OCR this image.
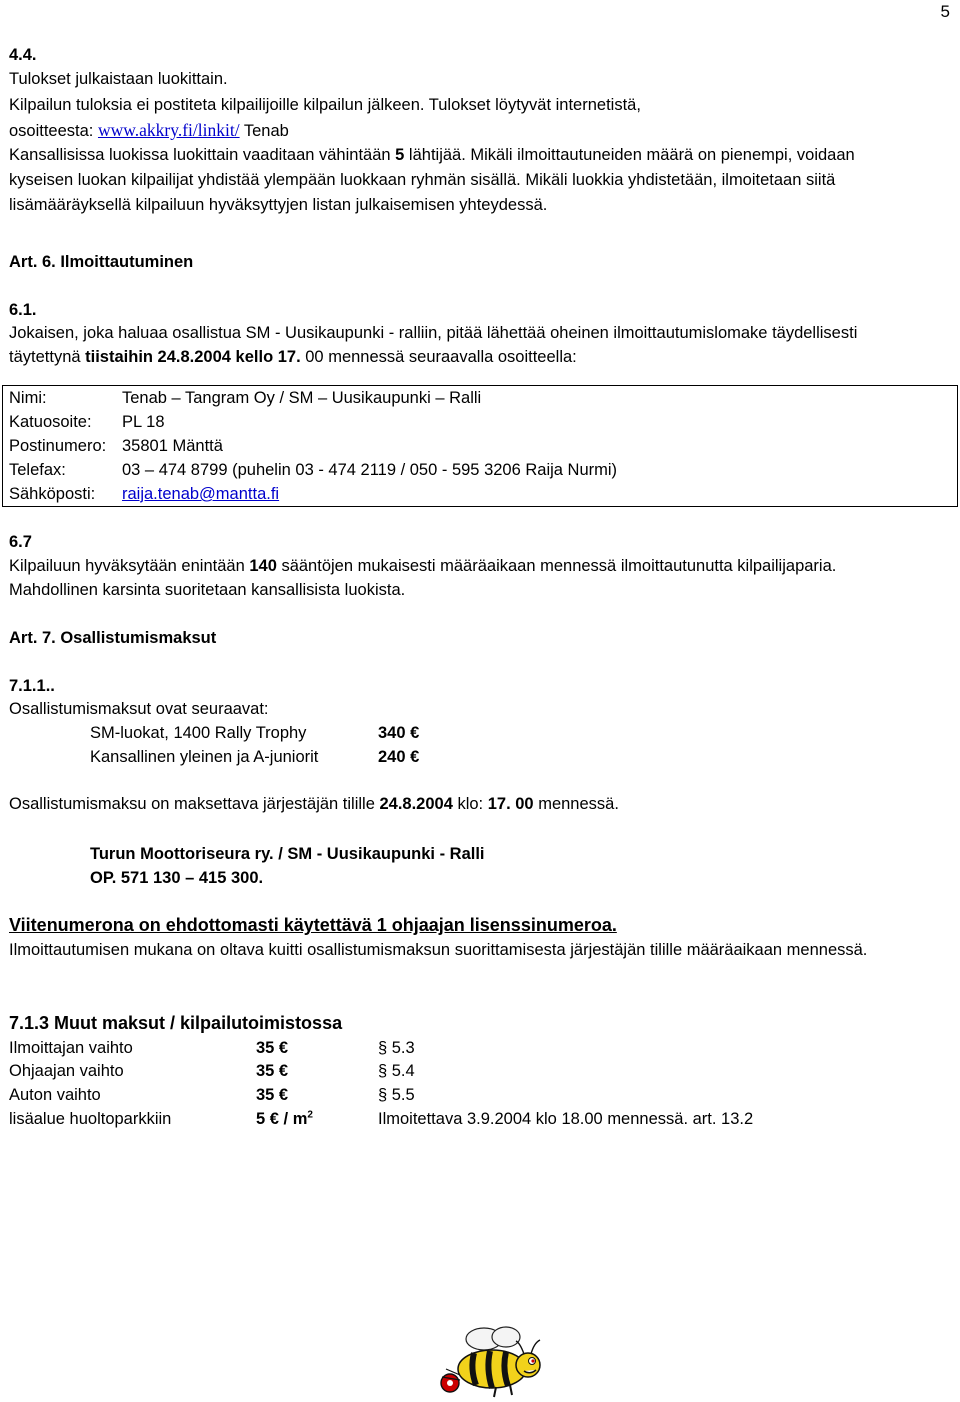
5
4.4.
Tulokset julkaistaan luokittain.
Kilpailun tuloksia ei postiteta kilpailijoille kilpailun jälkeen. Tulokset löytyvät internetistä,
osoitteesta: www.akkry.fi/linkit/ Tenab
Kansallisissa luokissa luokittain vaaditaan vähintään 5 lähtijää. Mikäli ilmoittautuneiden määrä on pienempi, voidaan
kyseisen luokan kilpailijat yhdistää ylempään luokkaan ryhmän sisällä. Mikäli luokkia yhdistetään, ilmoitetaan siitä
lisämääräyksellä kilpailuun hyväksyttyjen listan julkaisemisen yhteydessä.
Art. 6. Ilmoittautuminen
6.1.
Jokaisen, joka haluaa osallistua SM - Uusikaupunki - ralliin, pitää lähettää oheinen ilmoittautumislomake täydellisesti
täytettynä tiistaihin 24.8.2004 kello 17. 00 mennessä seuraavalla osoitteella:
Nimi:	Tenab – Tangram Oy / SM – Uusikaupunki – Ralli
Katuosoite:	PL 18
Postinumero:	35801 Mänttä
Telefax:	03 – 474 8799 (puhelin 03 - 474 2119 / 050 - 595 3206 Raija Nurmi)
Sähköposti:	raija.tenab@mantta.fi
6.7
Kilpailuun hyväksytään enintään 140 sääntöjen mukaisesti määräaikaan mennessä ilmoittautunutta kilpailijaparia.
Mahdollinen karsinta suoritetaan kansallisista luokista.
Art. 7. Osallistumismaksut
7.1.1..
Osallistumismaksut ovat seuraavat:
SM-luokat, 1400 Rally Trophy	340 €
Kansallinen yleinen ja A-juniorit	240 €
Osallistumismaksu on maksettava järjestäjän tilille 24.8.2004 klo: 17. 00 mennessä.
Turun Moottoriseura ry. / SM - Uusikaupunki - Ralli
OP. 571 130 – 415 300.
Viitenumerona on ehdottomasti käytettävä 1 ohjaajan lisenssinumeroa.
Ilmoittautumisen mukana on oltava kuitti osallistumismaksun suorittamisesta järjestäjän tilille määräaikaan mennessä.
7.1.3 Muut maksut / kilpailutoimistossa
Ilmoittajan vaihto	35 €	§ 5.3
Ohjaajan vaihto	35 €	§ 5.4
Auton vaihto	35 €	§ 5.5
lisäalue huoltoparkkiin	5 € / $m^2$	Ilmoitettava 3.9.2004 klo 18.00 mennessä. art. 13.2
